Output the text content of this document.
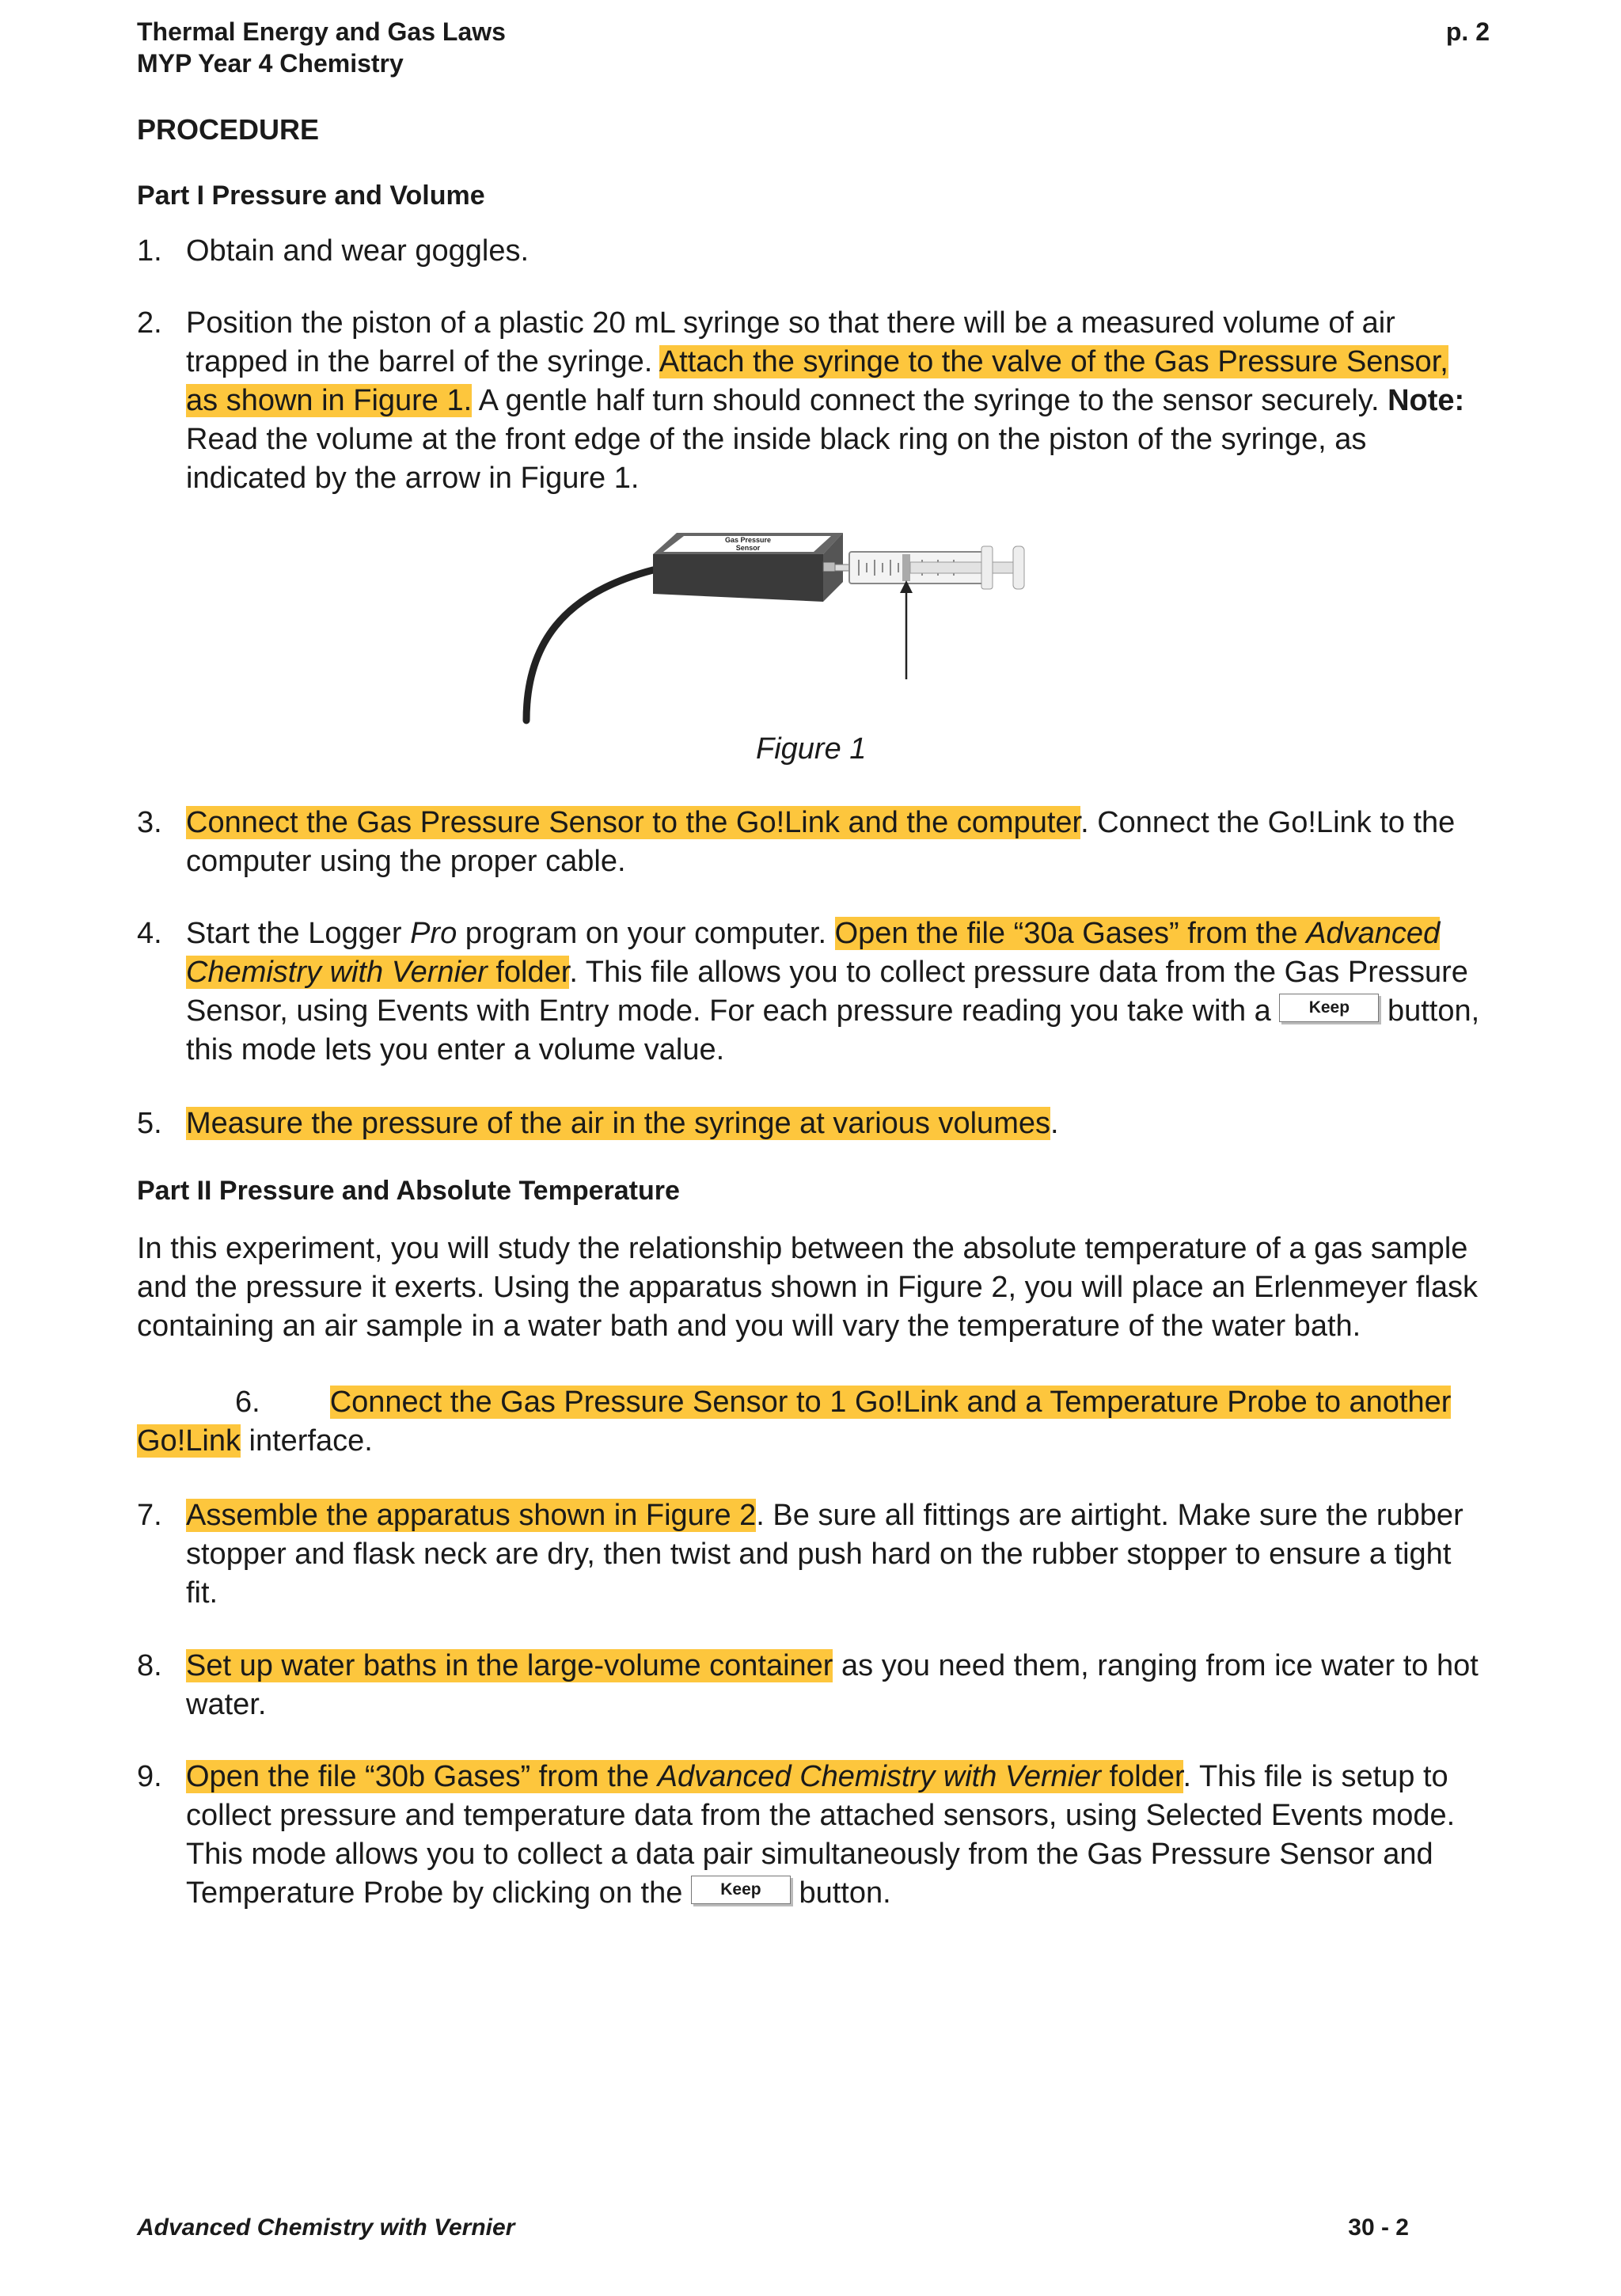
Thermal Energy and Gas Laws
MYP Year 4 Chemistry
p. 2
PROCEDURE
Part I Pressure and Volume
1. Obtain and wear goggles.
2. Position the piston of a plastic 20 mL syringe so that there will be a measured volume of air trapped in the barrel of the syringe. Attach the syringe to the valve of the Gas Pressure Sensor, as shown in Figure 1. A gentle half turn should connect the syringe to the sensor securely. Note: Read the volume at the front edge of the inside black ring on the piston of the syringe, as indicated by the arrow in Figure 1.
Gas Pressure
Sensor
Figure 1
3. Connect the Gas Pressure Sensor to the Go!Link and the computer. Connect the Go!Link to the computer using the proper cable.
4. Start the Logger Pro program on your computer. Open the file “30a Gases” from the Advanced Chemistry with Vernier folder. This file allows you to collect pressure data from the Gas Pressure Sensor, using Events with Entry mode. For each pressure reading you take with a Keep button, this mode lets you enter a volume value.
5. Measure the pressure of the air in the syringe at various volumes.
Part II Pressure and Absolute Temperature
In this experiment, you will study the relationship between the absolute temperature of a gas sample and the pressure it exerts. Using the apparatus shown in Figure 2, you will place an Erlenmeyer flask containing an air sample in a water bath and you will vary the temperature of the water bath.
6. Connect the Gas Pressure Sensor to 1 Go!Link and a Temperature Probe to another
Go!Link interface.
7. Assemble the apparatus shown in Figure 2. Be sure all fittings are airtight. Make sure the rubber stopper and flask neck are dry, then twist and push hard on the rubber stopper to ensure a tight fit.
8. Set up water baths in the large-volume container as you need them, ranging from ice water to hot water.
9. Open the file “30b Gases” from the Advanced Chemistry with Vernier folder. This file is setup to collect pressure and temperature data from the attached sensors, using Selected Events mode. This mode allows you to collect a data pair simultaneously from the Gas Pressure Sensor and Temperature Probe by clicking on the Keep button.
Advanced Chemistry with Vernier	30 - 2
